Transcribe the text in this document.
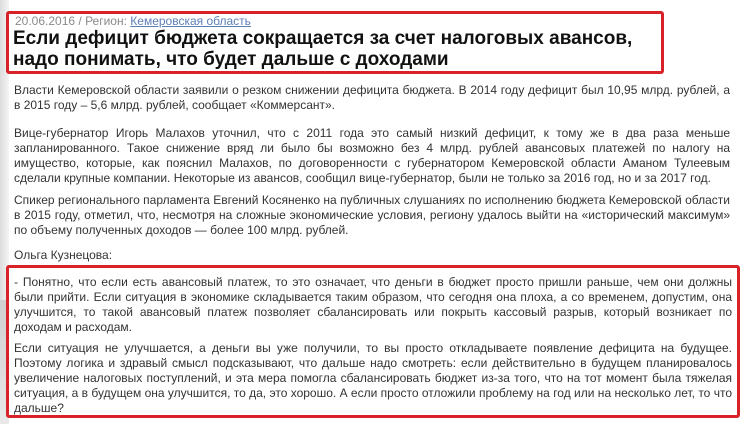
20.06.2016 / Регион: Кемеровская область
Если дефицит бюджета сокращается за счет налоговых авансов, надо понимать, что будет дальше с доходами

Власти Кемеровской области заявили о резком снижении дефицита бюджета. В 2014 году дефицит был 10,95 млрд. рублей, а в 2015 году – 5,6 млрд. рублей, сообщает «Коммерсант».

Вице-губернатор Игорь Малахов уточнил, что с 2011 года это самый низкий дефицит, к тому же в два раза меньше запланированного. Такое снижение вряд ли было бы возможно без 4 млрд. рублей авансовых платежей по налогу на имущество, которые, как пояснил Малахов, по договоренности с губернатором Кемеровской области Аманом Тулеевым сделали крупные компании. Некоторые из авансов, сообщил вице-губернатор, были не только за 2016 год, но и за 2017 год.

Спикер регионального парламента Евгений Косяненко на публичных слушаниях по исполнению бюджета Кемеровской области в 2015 году, отметил, что, несмотря на сложные экономические условия, региону удалось выйти на «исторический максимум» по объему полученных доходов — более 100 млрд. рублей.

Ольга Кузнецова:

- Понятно, что если есть авансовый платеж, то это означает, что деньги в бюджет просто пришли раньше, чем они должны были прийти. Если ситуация в экономике складывается таким образом, что сегодня она плоха, а со временем, допустим, она улучшится, то такой авансовый платеж позволяет сбалансировать или покрыть кассовый разрыв, который возникает по доходам и расходам.

Если ситуация не улучшается, а деньги вы уже получили, то вы просто откладываете появление дефицита на будущее. Поэтому логика и здравый смысл подсказывают, что дальше надо смотреть: если действительно в будущем планировалось увеличение налоговых поступлений, и эта мера помогла сбалансировать бюджет из-за того, что на тот момент была тяжелая ситуация, а в будущем она улучшится, то да, это хорошо. А если просто отложили проблему на год или на несколько лет, то что дальше?
